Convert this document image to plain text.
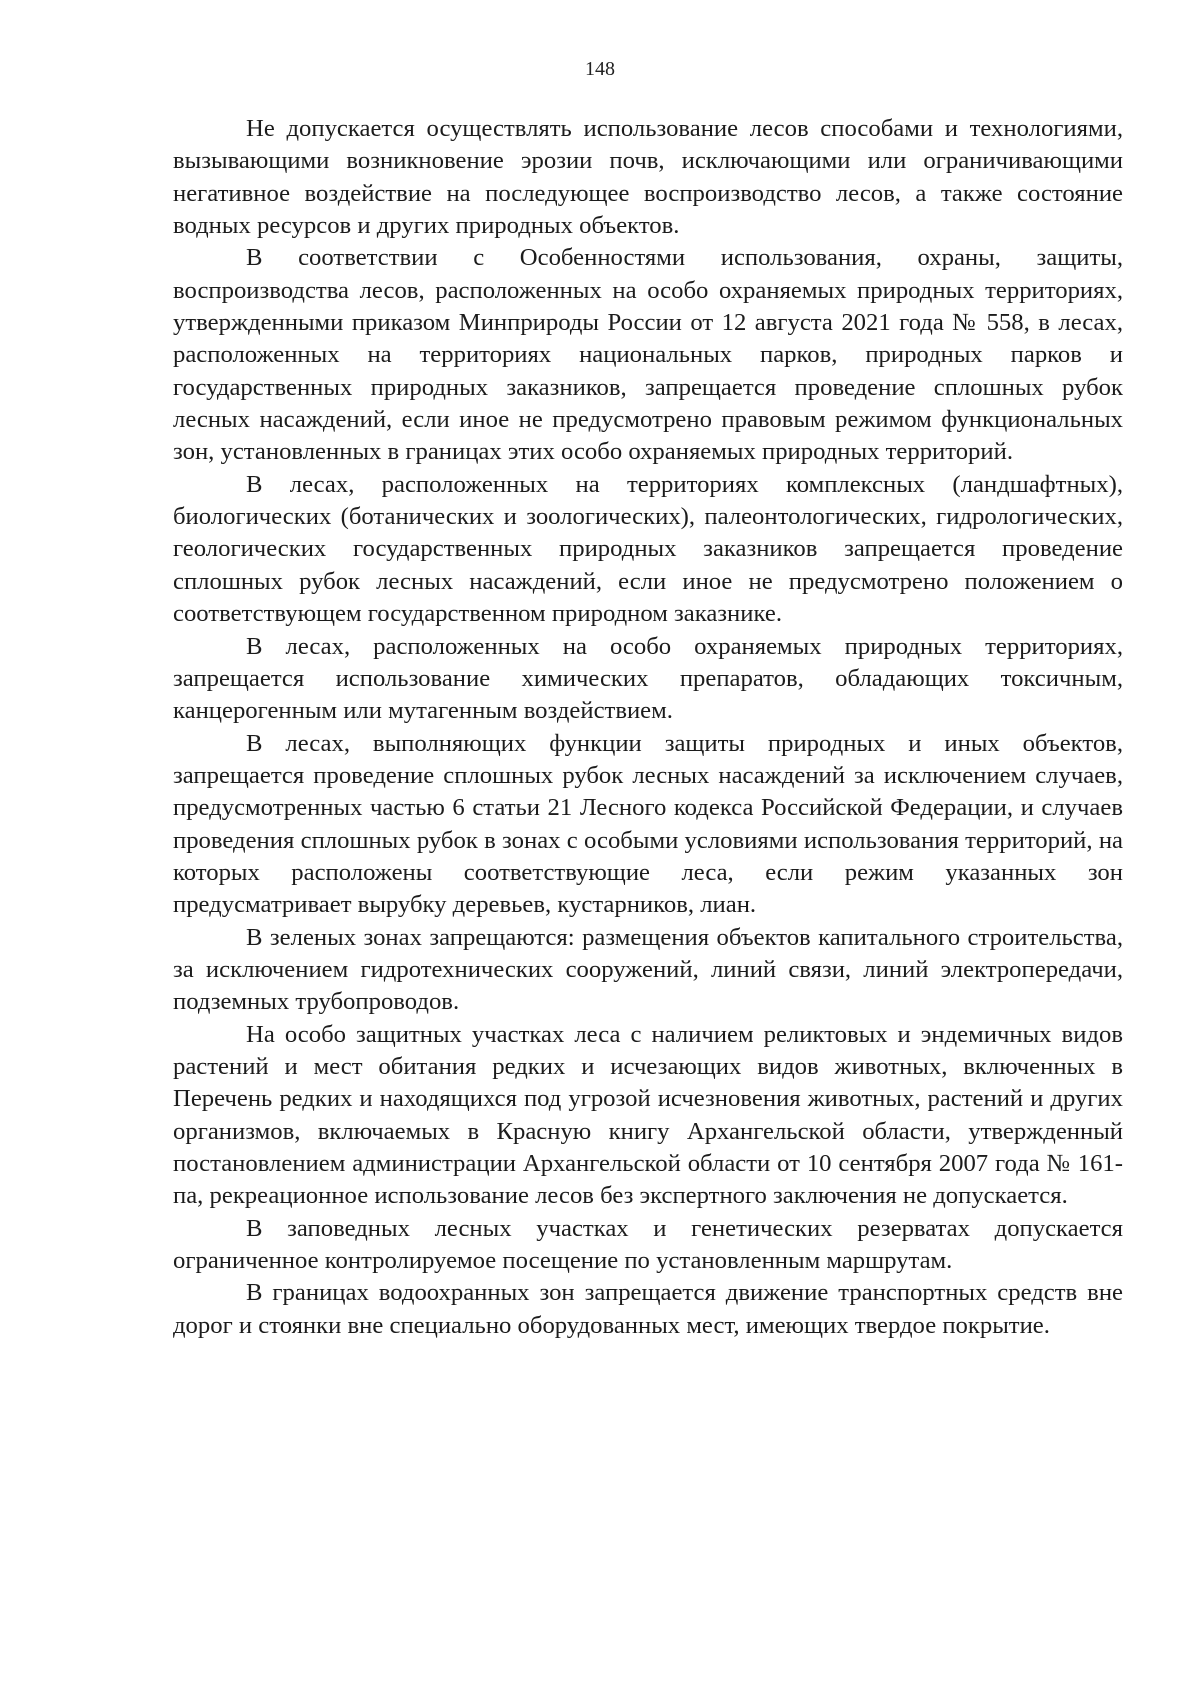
148

Не допускается осуществлять использование лесов способами и технологиями, вызывающими возникновение эрозии почв, исключающими или ограничивающими негативное воздействие на последующее воспроизводство лесов, а также состояние водных ресурсов и других природных объектов.

В соответствии с Особенностями использования, охраны, защиты, воспроизводства лесов, расположенных на особо охраняемых природных территориях, утвержденными приказом Минприроды России от 12 августа 2021 года № 558, в лесах, расположенных на территориях национальных парков, природных парков и государственных природных заказников, запрещается проведение сплошных рубок лесных насаждений, если иное не предусмотрено правовым режимом функциональных зон, установленных в границах этих особо охраняемых природных территорий.

В лесах, расположенных на территориях комплексных (ландшафтных), биологических (ботанических и зоологических), палеонтологических, гидрологических, геологических государственных природных заказников запрещается проведение сплошных рубок лесных насаждений, если иное не предусмотрено положением о соответствующем государственном природном заказнике.

В лесах, расположенных на особо охраняемых природных территориях, запрещается использование химических препаратов, обладающих токсичным, канцерогенным или мутагенным воздействием.

В лесах, выполняющих функции защиты природных и иных объектов, запрещается проведение сплошных рубок лесных насаждений за исключением случаев, предусмотренных частью 6 статьи 21 Лесного кодекса Российской Федерации, и случаев проведения сплошных рубок в зонах с особыми условиями использования территорий, на которых расположены соответствующие леса, если режим указанных зон предусматривает вырубку деревьев, кустарников, лиан.

В зеленых зонах запрещаются: размещения объектов капитального строительства, за исключением гидротехнических сооружений, линий связи, линий электропередачи, подземных трубопроводов.

На особо защитных участках леса с наличием реликтовых и эндемичных видов растений и мест обитания редких и исчезающих видов животных, включенных в Перечень редких и находящихся под угрозой исчезновения животных, растений и других организмов, включаемых в Красную книгу Архангельской области, утвержденный постановлением администрации Архангельской области от 10 сентября 2007 года № 161-па, рекреационное использование лесов без экспертного заключения не допускается.

В заповедных лесных участках и генетических резерватах допускается ограниченное контролируемое посещение по установленным маршрутам.

В границах водоохранных зон запрещается движение транспортных средств вне дорог и стоянки вне специально оборудованных мест, имеющих твердое покрытие.
